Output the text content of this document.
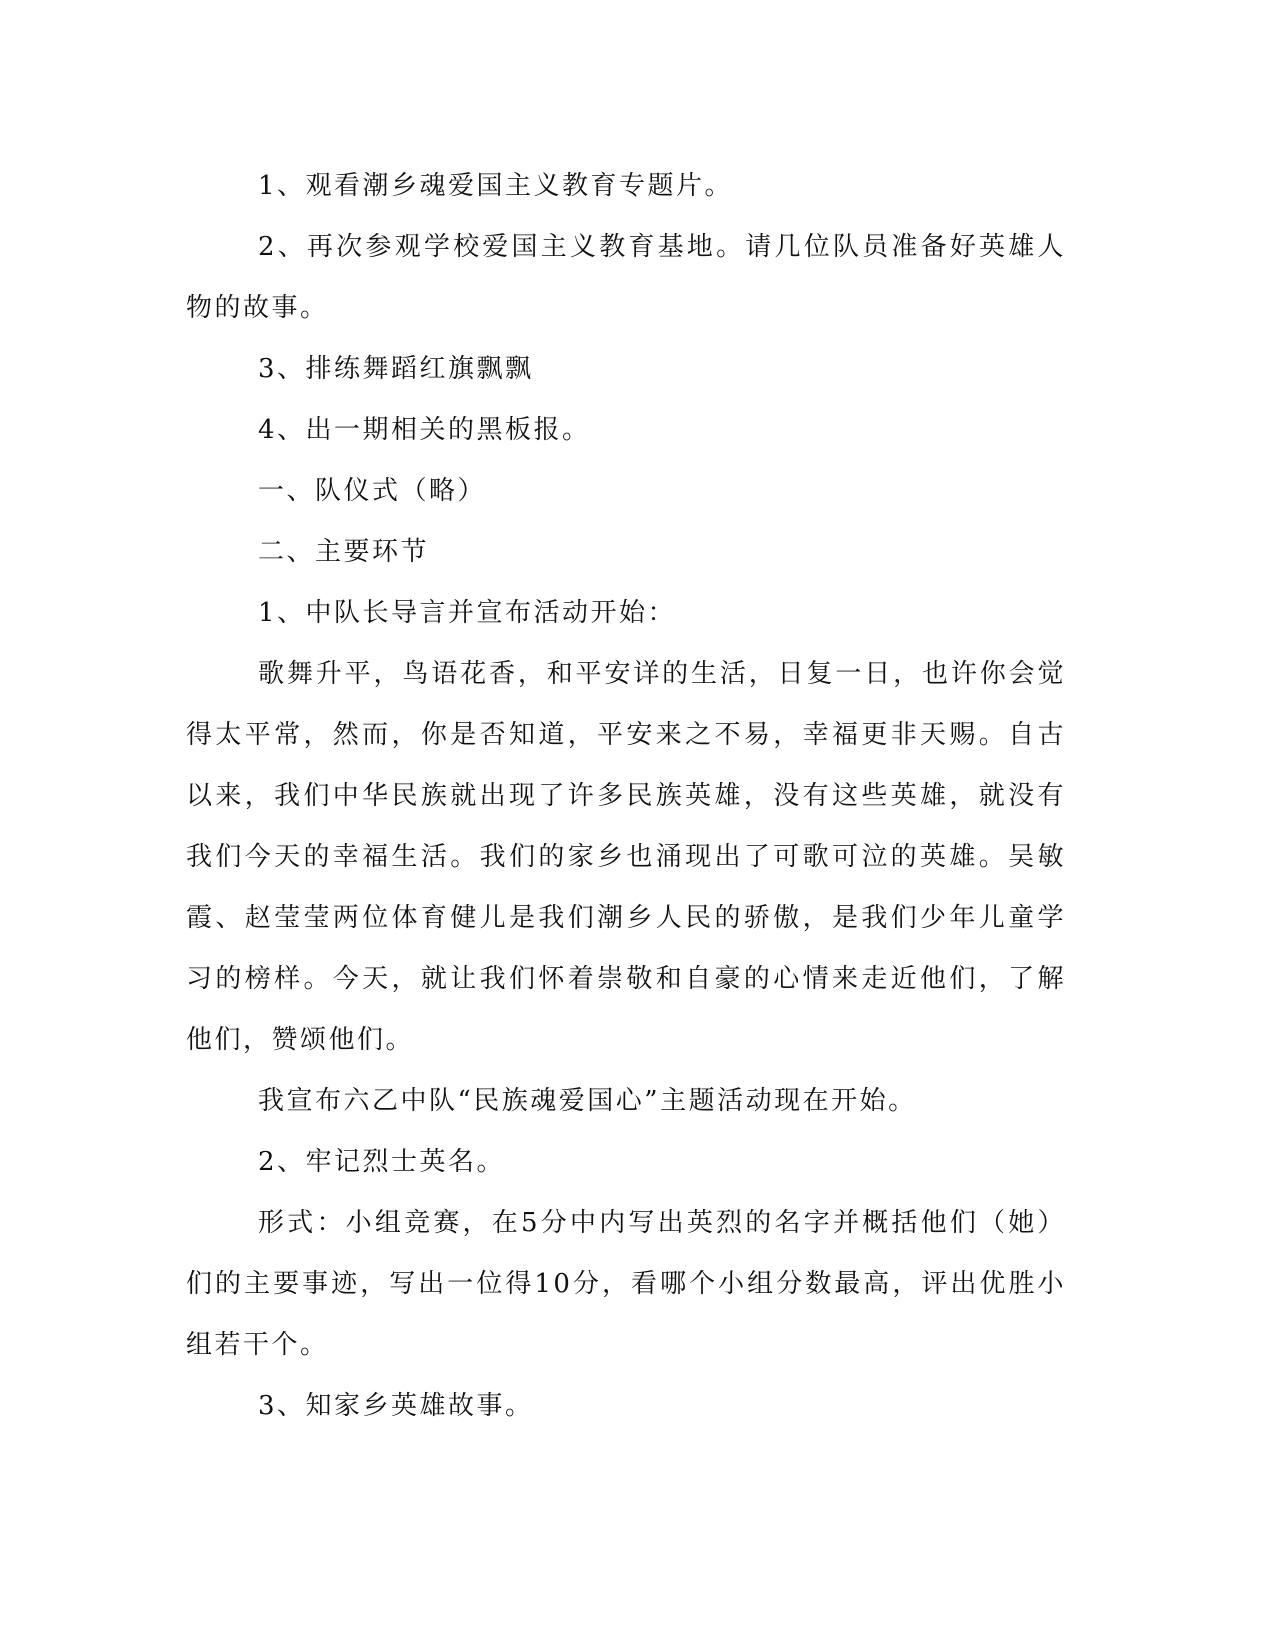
1、观看潮乡魂爱国主义教育专题片。

2、再次参观学校爱国主义教育基地。请几位队员准备好英雄人物的故事。

3、排练舞蹈红旗飘飘

4、出一期相关的黑板报。

一、队仪式（略）

二、主要环节

1、中队长导言并宣布活动开始：

歌舞升平，鸟语花香，和平安详的生活，日复一日，也许你会觉得太平常，然而，你是否知道，平安来之不易，幸福更非天赐。自古以来，我们中华民族就出现了许多民族英雄，没有这些英雄，就没有我们今天的幸福生活。我们的家乡也涌现出了可歌可泣的英雄。吴敏霞、赵莹莹两位体育健儿是我们潮乡人民的骄傲，是我们少年儿童学习的榜样。今天，就让我们怀着崇敬和自豪的心情来走近他们，了解他们，赞颂他们。

我宣布六乙中队“民族魂爱国心”主题活动现在开始。

2、牢记烈士英名。

形式：小组竞赛，在5分中内写出英烈的名字并概括他们（她）们的主要事迹，写出一位得10分，看哪个小组分数最高，评出优胜小组若干个。

3、知家乡英雄故事。
